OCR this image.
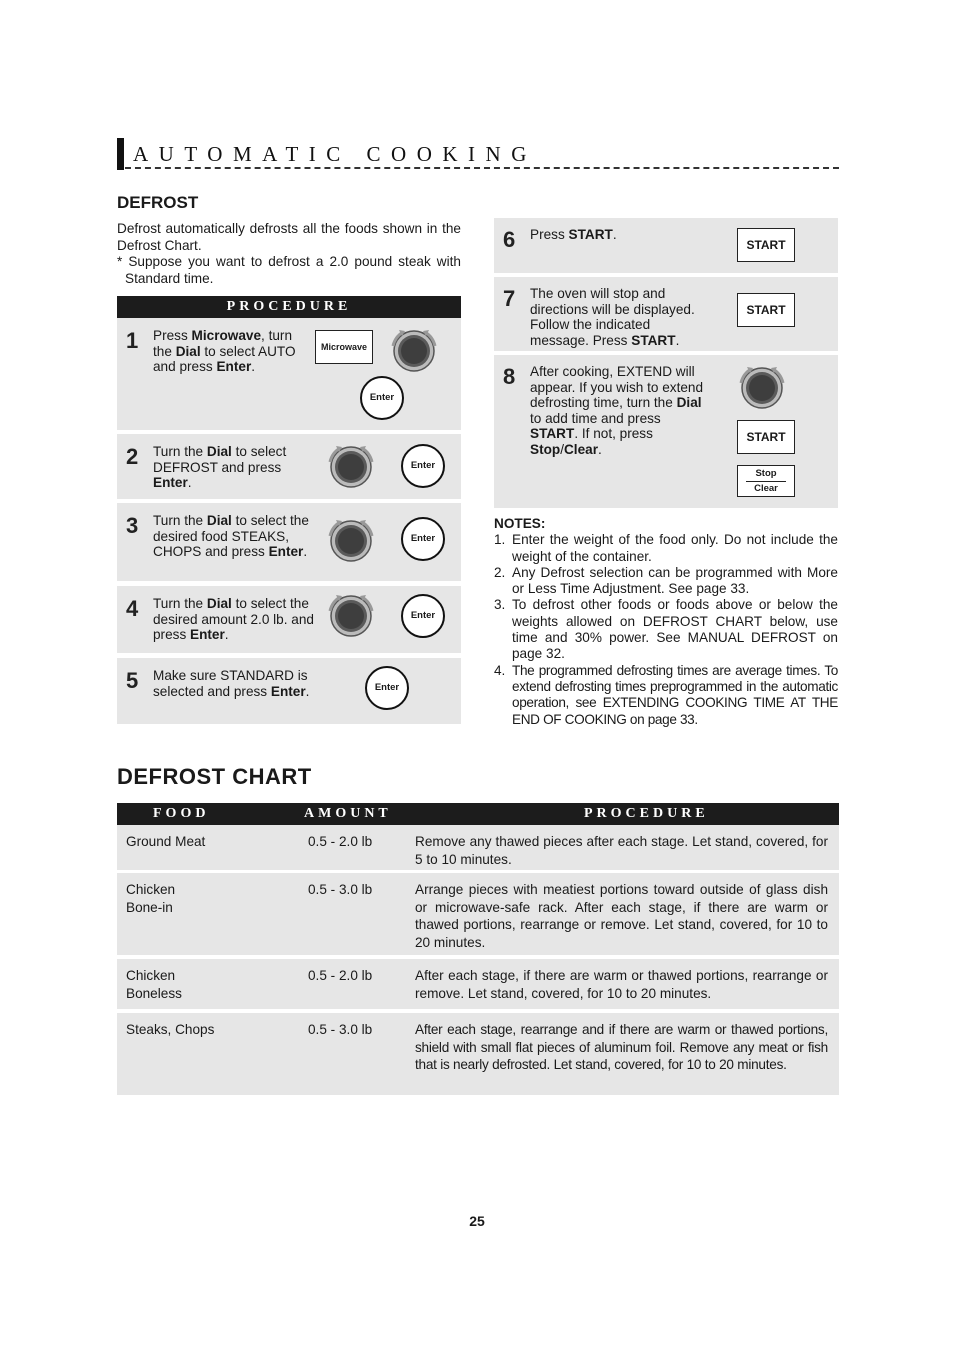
AUTOMATIC COOKING
DEFROST

Defrost automatically defrosts all the foods shown in the Defrost Chart.

* Suppose you want to defrost a 2.0 pound steak with Standard time.

PROCEDURE
1 Press Microwave, turn the Dial to select AUTO and press Enter.
Microwave
Enter
2 Turn the Dial to select DEFROST and press Enter.
Enter
3 Turn the Dial to select the desired food STEAKS, CHOPS and press Enter.
Enter
4 Turn the Dial to select the desired amount 2.0 lb. and press Enter.
Enter
5 Make sure STANDARD is selected and press Enter.	Enter
6 Press START.
START
7 The oven will stop and directions will be displayed. Follow the indicated message. Press START.
START
8 After cooking, EXTEND will appear. If you wish to extend defrosting time, turn the Dial to add time and press START. If not, press Stop/Clear.
START
Stop
Clear
NOTES:
1. Enter the weight of the food only. Do not include the weight of the container.
2. Any Defrost selection can be programmed with More or Less Time Adjustment. See page 33.
3. To defrost other foods or foods above or below the weights allowed on DEFROST CHART below, use time and 30% power. See MANUAL DEFROST on page 32.
4. The programmed defrosting times are average times. To extend defrosting times preprogrammed in the automatic operation, see EXTENDING COOKING TIME AT THE END OF COOKING on page 33.
DEFROST CHART
FOOD	AMOUNT	PROCEDURE
Ground Meat	0.5 - 2.0 lb	Remove any thawed pieces after each stage. Let stand, covered, for 5 to 10 minutes.
Chicken
Bone-in
0.5 - 3.0 lb	Arrange pieces with meatiest portions toward outside of glass dish or microwave-safe rack. After each stage, if there are warm or thawed portions, rearrange or remove. Let stand, covered, for 10 to 20 minutes.
Chicken
Boneless
0.5 - 2.0 lb	After each stage, if there are warm or thawed portions, rearrange or remove. Let stand, covered, for 10 to 20 minutes.
Steaks, Chops	0.5 - 3.0 lb	After each stage, rearrange and if there are warm or thawed portions, shield with small flat pieces of aluminum foil. Remove any meat or fish that is nearly defrosted. Let stand, covered, for 10 to 20 minutes.
25
